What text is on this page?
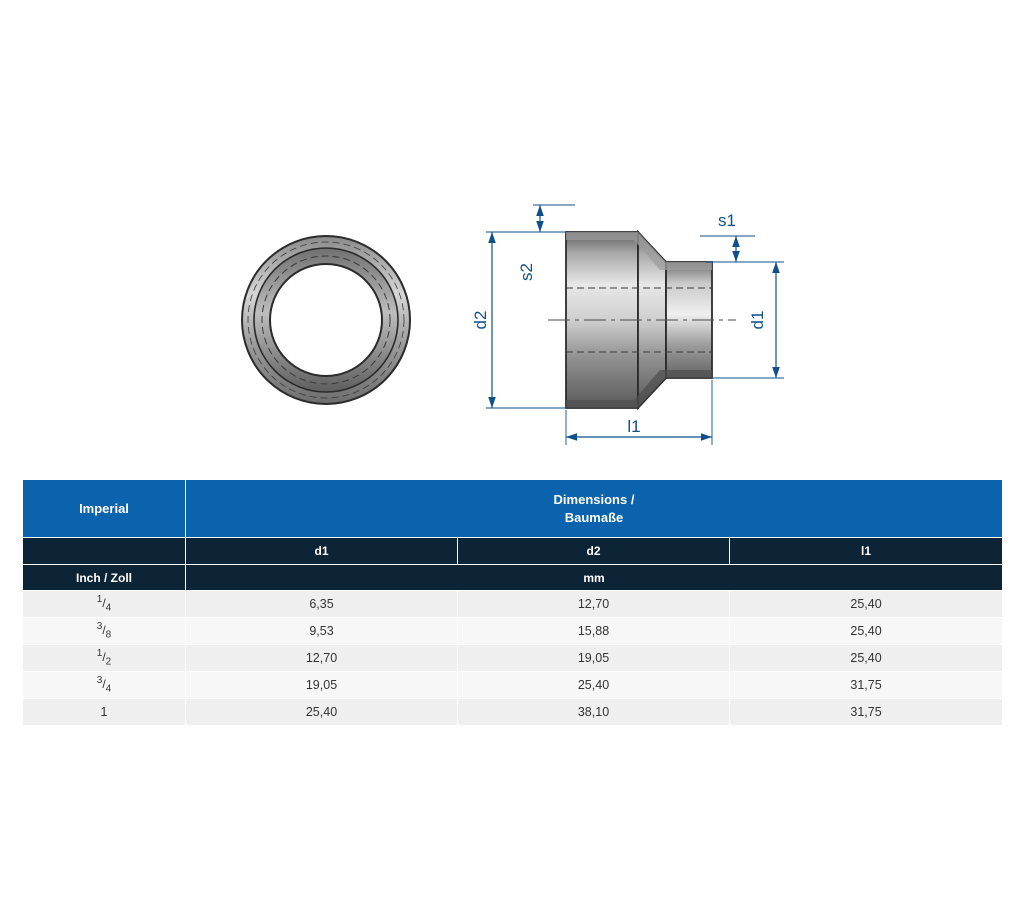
d2
s2
s1
d1
l1
Imperial	Dimensions /
Baumaße		
	d1	d2	l1
Inch / Zoll	mm		
$^1/_4$	6,35	12,70	25,40
$^3/_8$	9,53	15,88	25,40
$^1/_2$	12,70	19,05	25,40
$^3/_4$	19,05	25,40	31,75
1	25,40	38,10	31,75
